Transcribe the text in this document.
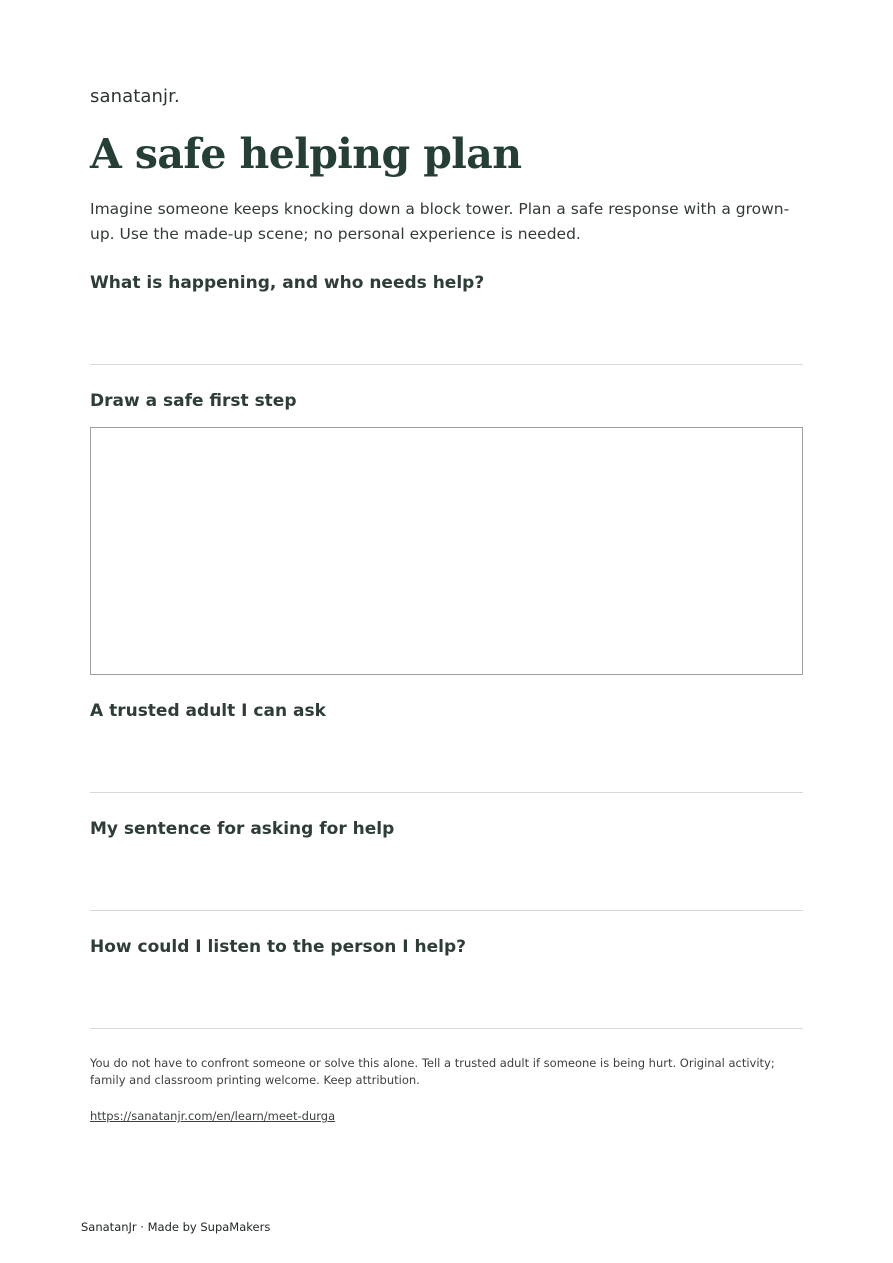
sanatanjr.
A safe helping plan

Imagine someone keeps knocking down a block tower. Plan a safe response with a grown-up. Use the made-up scene; no personal experience is needed.

What is happening, and who needs help?
Draw a safe first step
A trusted adult I can ask
My sentence for asking for help
How could I listen to the person I help?

You do not have to confront someone or solve this alone. Tell a trusted adult if someone is being hurt. Original activity; family and classroom printing welcome. Keep attribution.

https://sanatanjr.com/en/learn/meet-durga
SanatanJr · Made by SupaMakers
